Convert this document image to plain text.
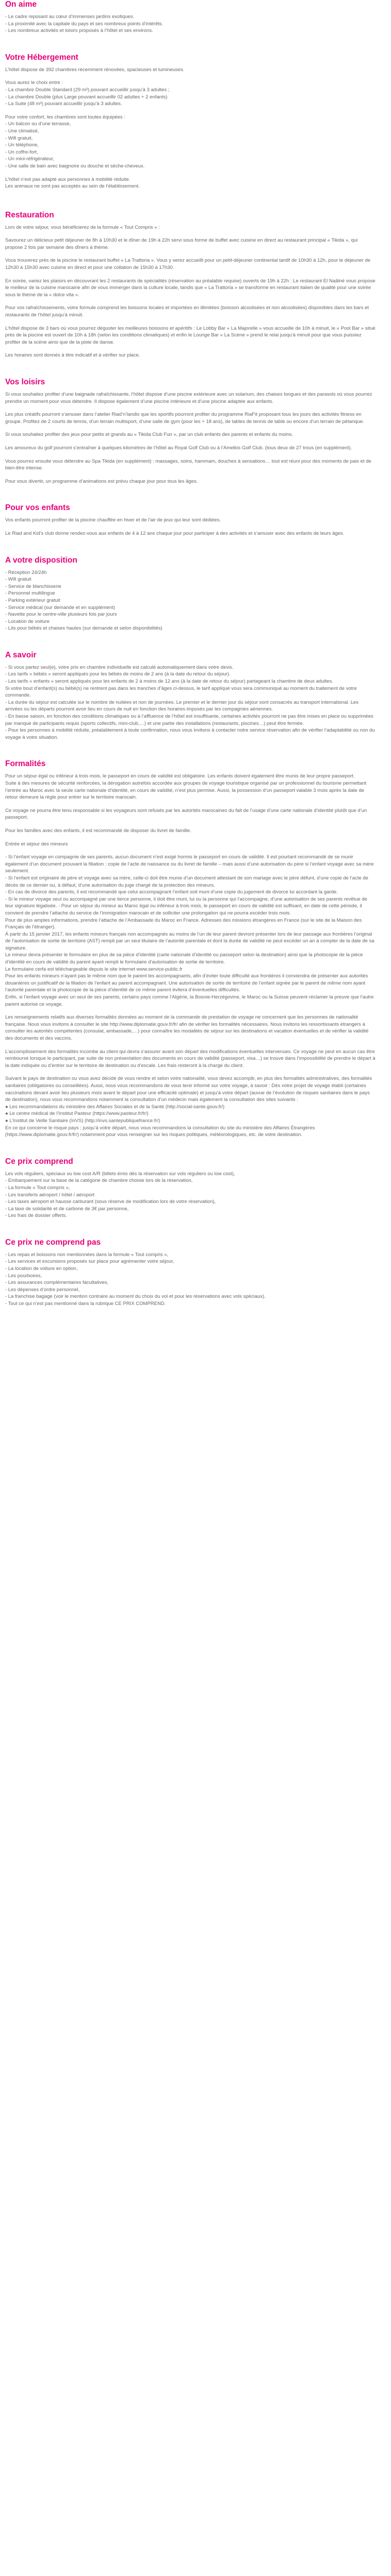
On aime

- Le cadre reposant au cœur d’immenses jardins exotiques.
- La proximité avec la capitale du pays et ses nombreux points d’intérêts.
- Les nombreux activités et loisirs proposés à l’hôtel et ses environs.

Votre Hébergement

L’hôtel dispose de 392 chambres récemment rénovées, spacieuses et lumineuses.

Vous aurez le choix entre :
- La chambre Double Standard (29 m²) pouvant accueillir jusqu’à 3 adultes ;
- La chambre Double (plus Large pouvant accueillir 02 adultes + 2 enfants)
- La Suite (48 m²) pouvant accueillir jusqu’à 3 adultes.

Pour votre confort, les chambres sont toutes équipées :
- Un balcon ou d’une terrasse,
- Une climatisé,
- Wifi gratuit,
- Un téléphone,
- Un coffre-fort,
- Un mini-réfrigérateur,
- Une salle de bain avec baignoire ou douche et sèche-cheveux.

L’hôtel n’est pas adapté aux personnes à mobilité réduite.
Les animaux ne sont pas acceptés au sein de l’établissement.

Restauration

Lors de votre séjour, vous bénéficierez de la formule « Tout Compris » :

Savourez un délicieux petit déjeuner de 8h à 10h30 et le dîner de 19h à 22h servi sous forme de buffet avec cuisine en direct au restaurant principal « Tikida », qui propose 2 fois par semaine des dîners à thème.

Vous trouverez près de la piscine le restaurant buffet « La Trattoria ». Vous y serez accueilli pour un petit-déjeuner continental tardif de 10h30 à 12h, pour le déjeuner de 12h30 à 15h30 avec cuisine en direct et pour une collation de 15h30 à 17h30.

En soirée, variez les plaisirs en découvrant les 2 restaurants de spécialités (réservation au préalable requise) ouverts de 19h à 22h : Le restaurant El Naâlné vous propose le meilleur de la cuisine marocaine afin de vous immerger dans la culture locale, tandis que « La Trattoria » se transforme en restaurant italien de qualité pour une soirée sous le thème de la « dolce vita ».

Pour vos rafraîchissements, votre formule comprend les boissons locales et importées en illimitées (boisson alcoolisées et non alcoolisées) disponibles dans les bars et restaurants de l’hôtel jusqu’à minuit.

L’hôtel dispose de 3 bars où vous pourrez déguster les meilleures boissons et apéritifs : Le Lobby Bar « La Majorelle » vous accueille de 10h à minuit, le « Pool Bar » situé près de la piscine est ouvert de 10h à 18h (selon les conditions climatiques) et enfin le Lounge Bar « La Scène » prend le relai jusqu’à minuit pour que vous puissiez profiter de la scène ainsi que de la piste de danse.

Les horaires sont donnés à titre indicatif et à vérifier sur place.

Vos loisirs

Si vous souhaitez profiter d’une baignade rafraîchissante, l’hôtel dispose d’une piscine extérieure avec un solarium, des chaises longues et des parasols où vous pourrez prendre un moment pour vous détendre. Il dispose également d’une piscine intérieure et d’une piscine adaptée aux enfants.

Les plus créatifs pourront s’amuser dans l’atelier Riad’n’landis que les sportifs pourront profiter du programme RiaFit proposant tous les jours des activités fitness en groupe. Profitez de 2 courts de tennis, d’un terrain multisport, d’une salle de gym (pour les + 18 ans), de tables de tennis de table ou encore d’un terrain de pétanque.

Si vous souhaitez profiter des jeux pour petits et grands au « Tikida Club Fun », par un club enfants des parents et enfants du moins.

Les amoureux du golf pourront s’entraîner à quelques kilomètres de l’hôtel au Royal Golf Club ou à l’Amelkis Golf Club. (tous deux de 27 trous (en supplément).

Vous pourrez ensuite vous détendre au Spa Tikida (en supplément) : massages, soins, hammam, douches à sensations… tout est réuni pour des moments de paix et de bien-être intense.

Pour vous divertir, un programme d’animations est prévu chaque jour pour tous les âges.

Pour vos enfants

Vos enfants pourront profiter de la piscine chauffée en hiver et de l’air de jeux qui leur sont dédiées.

Le Riad and Kid’s club donne rendez-vous aux enfants de 4 à 12 ans chaque jour pour participer à des activités et s’amuser avec des enfants de leurs âges.

A votre disposition

- Réception 24/24h
- Wifi gratuit
- Service de blanchisserie
- Personnel multilingue
- Parking extérieur gratuit
- Service médical (sur demande et en supplément)
- Navette pour le centre-ville plusieurs fois par jours
- Location de voiture
- Lits pour bébés et chaises hautes (sur demande et selon disponibilités)

A savoir

- Si vous partez seul(e), votre prix en chambre individuelle est calculé automatiquement dans votre devis.
- Les tarifs « bébés » seront appliqués pour les bébés de moins de 2 ans (à la date du retour du séjour).
- Les tarifs « enfants » seront appliqués pour les enfants de 2 à moins de 12 ans (à la date de retour du séjour) partageant la chambre de deux adultes.
Si votre bout d’enfant(s) ou bébé(s) ne rentrent pas dans les tranches d’âges ci-dessus, le tarif appliqué vous sera communiqué au moment du traitement de votre commande.
- La durée du séjour est calculée sur le nombre de nuitées et non de journées. Le premier et le dernier jour du séjour sont consacrés au transport international. Les arrivées ou les départs pourront avoir lieu en cours de nuit en fonction des horaires imposés par les compagnies aériennes.
- En basse saison, en fonction des conditions climatiques ou à l’affluence de l’hôtel est insuffisante, certaines activités pourront ne pas être mises en place ou supprimées par manque de participants requis (sports collectifs, mini-club,…) et une partie des installations (restaurants, piscines…) peut être fermée.
- Pour les personnes à mobilité réduite, préalablement à toute confirmation, nous vous invitons à contacter notre service réservation afin de vérifier l’adaptabilité ou non du voyage à votre situation.

Formalités

Pour un séjour égal ou inférieur à trois mois, le passeport en cours de validité est obligatoire. Les enfants doivent également être munis de leur propre passeport.
Suite à des mesures de sécurité renforcées, la dérogation autrefois accordée aux groupes de voyage touristique organisé par un professionnel du tourisme permettant l’entrée au Maroc avec la seule carte nationale d’identité, en cours de validité, n’est plus permise. Aussi, la possession d’un passeport valable 3 mois après la date de retour demeure la règle pour entrer sur le territoire marocain.

Ce voyage ne pourra être tenu responsable si les voyageurs sont refusés par les autorités marocaines du fait de l’usage d’une carte nationale d’identité plutôt que d’un passeport.

Pour les familles avec des enfants, il est recommandé de disposer du livret de famille.

Entrée et séjour des mineurs

- Si l’enfant voyage en compagnie de ses parents, aucun document n’est exigé hormis le passeport en cours de validité. Il est pourtant recommandé de se munir également d’un document prouvant la filiation : copie de l’acte de naissance ou du livret de famille – mais aussi d’une autorisation du père si l’enfant voyage avec sa mère seulement.
- Si l’enfant est originaire de père et voyage avec sa mère, celle-ci doit être munie d’un document attestant de son mariage avec le père défunt, d’une copie de l’acte de décès de ce dernier ou, à défaut, d’une autorisation du juge chargé de la protection des mineurs.
- En cas de divorce des parents, il est recommandé que celui accompagnant l’enfant soit muni d’une copie du jugement de divorce lui accordant la garde.
- Si le mineur voyage seul ou accompagné par une tierce personne, il doit être muni, lui ou la personne qui l’accompagne, d’une autorisation de ses parents revêtue de leur signature légalisée. - Pour un séjour du mineur au Maroc égal ou inférieur à trois mois, le passeport en cours de validité est suffisant, en date de cette période, il convient de prendre l’attache du service de l’immigration marocain et de solliciter une prolongation qui ne pourra excéder trois mois.
Pour de plus amples informations, prendre l’attache de l’Ambassade du Maroc en France. Adresses des missions étrangères en France (sur le site de la Maison des Français de l’étranger).
À partir du 15 janvier 2017, les enfants mineurs français non accompagnés au moins de l’un de leur parent devront présenter lors de leur passage aux frontières l’original de l’autorisation de sortie de territoire (AST) rempli par un seul titulaire de l’autorité parentale et dont la durée de validité ne peut excéder un an à compter de la date de sa signature.
Le mineur devra présenter le formulaire en plus de sa pièce d’identité (carte nationale d’identité ou passeport selon la destination) ainsi que la photocopie de la pièce d’identité en cours de validité du parent ayant rempli le formulaire d’autorisation de sortie de territoire.
Le formulaire cerfa est téléchargeable depuis le site internet www.service-public.fr
Pour les enfants mineurs n’ayant pas le même nom que le parent les accompagnants, afin d’éviter toute difficulté aux frontières il conviendra de présenter aux autorités douanières un justificatif de la filiation de l’enfant au parent accompagnant. Une autorisation de sortie de territoire de l’enfant signée par le parent de même nom ayant l’autorité parentale et la photocopie de la pièce d’identité de ce même parent évitera d’éventuelles difficultés.
Enfin, si l’enfant voyage avec un seul de ses parents, certains pays comme l’Algérie, la Bosnie-Herzégovine, le Maroc ou la Suisse peuvent réclamer la preuve que l’autre parent autorise ce voyage.

Les renseignements relatifs aux diverses formalités données au moment de la commande de prestation de voyage ne concernent que les personnes de nationalité française. Nous vous invitons à consulter le site http://www.diplomatie.gouv.fr/fr/ afin de vérifier les formalités nécessaires. Nous invitons les ressortissants étrangers à consulter les autorités compétentes (consulat, ambassade,…) pour connaître les modalités de séjour sur les destinations et vacation éventuelles et de vérifier la validité des documents et des vaccins.

L’accomplissement des formalités incombe au client qui devra s’assurer avant son départ des modifications éventuelles intervenues. Ce voyage ne peut en aucun cas être remboursé lorsque le participant, par suite de non présentation des documents en cours de validité (passeport, visa…) se trouve dans l’impossibilité de prendre le départ à la date indiquée ou d’entrer sur le territoire de destination ou d’escale. Les frais resteront à la charge du client.

Suivant le pays de destination ou vous avez décidé de vous rendre et selon votre nationalité, vous devez accomplir, en plus des formalités administratives, des formalités sanitaires (obligatoires ou conseillées). Aussi, nous vous recommandons de vous tenir informé sur votre voyage, à savoir : Dès votre projet de voyage établi (certaines vaccinations devant avoir lieu plusieurs mois avant le départ pour une efficacité optimale) et jusqu’à votre départ (auvue de l’évolution de risques sanitaires dans le pays de destination), nous vous recommandons notamment la consultation d’un médecin mais également la consultation des sites suivants :
● Les recommandations du ministère des Affaires Sociales et de la Santé (http://social-sante.gouv.fr/)
● Le centre médical de l’Institut Pasteur (https://www.pasteur.fr/fr/)
● L’Institut de Veille Sanitaire (InVS) (http://invs.santepubliquefrance.fr/)
En ce qui concerne le risque pays ; jusqu’à votre départ, nous vous recommandons la consultation du site du ministère des Affaires Étrangères (https://www.diplomatie.gouv.fr/fr/) notamment pour vous renseigner sur les risques politiques, météorologiques, etc. de votre destination.

Ce prix comprend

Les vols réguliers, spéciaux ou low cost A/R (billets émis dès la réservation sur vols réguliers ou low cost),
- Embarquement sur la base de la catégorie de chambre choisie lors de la réservation,
- La formule « Tout compris »,
- Les transferts aéroport / hôtel / aéroport
- Les taxes aéroport et hausse carburant (sous réserve de modification lors de votre réservation),
- La taxe de solidarité et de carbone de 3€ par personne,
- Les frais de dossier offerts.

Ce prix ne comprend pas

- Les repas et boissons non mentionnées dans la formule « Tout compris »,
- Les services et excursions proposés sur place pour agrémenter votre séjour,
- La location de voiture en option,
- Les pourboires,
- Les assurances complémentaires facultatives,
- Les dépenses d’ordre personnel,
- La franchise bagage (voir le mention contraire au moment du choix du vol et pour les réservations avec vols spéciaux).
- Tout ce qui n’est pas mentionné dans la rubrique CE PRIX COMPREND.
